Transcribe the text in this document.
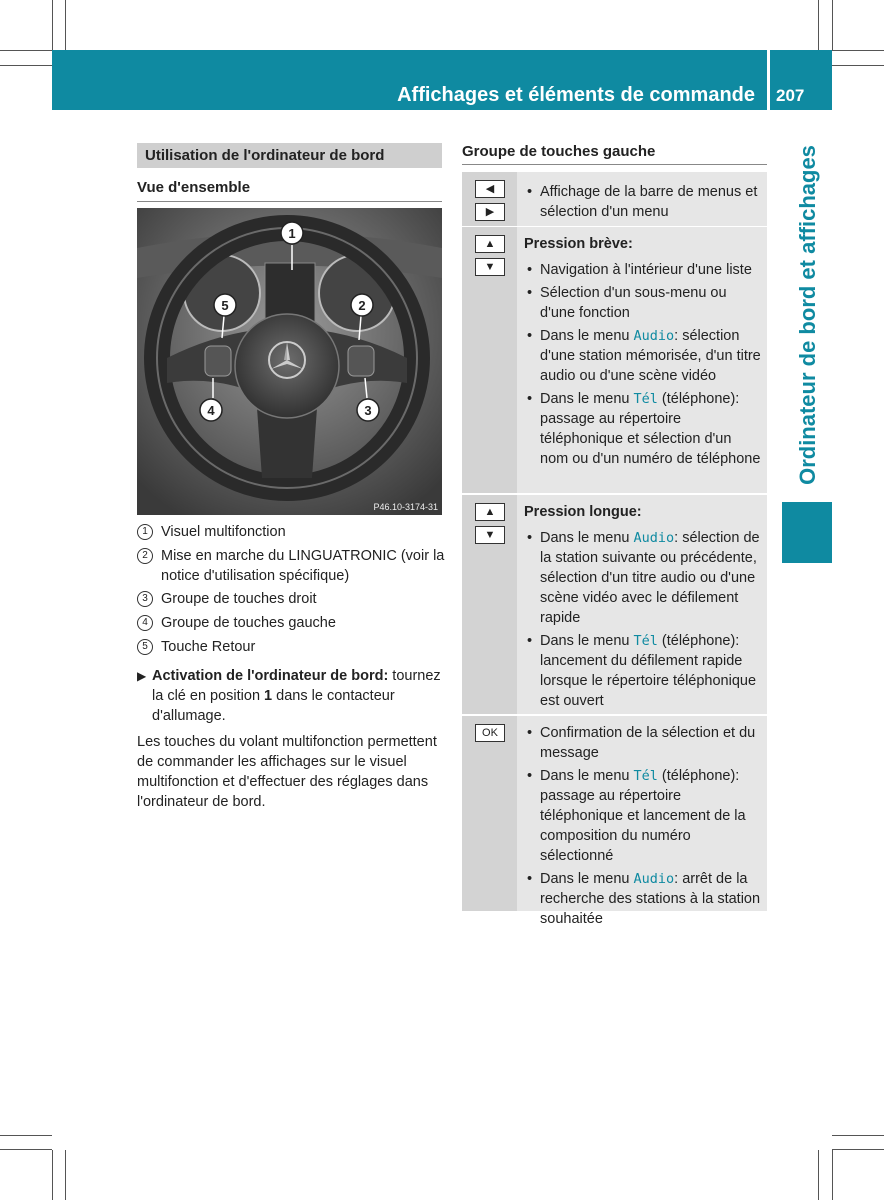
Affichages et éléments de commande 207
Ordinateur de bord et affichages
Utilisation de l'ordinateur de bord
Vue d'ensemble
1
5	2
4	3
P46.10-3174-31
1 Visuel multifonction
2 Mise en marche du LINGUATRONIC (voir la notice d'utilisation spécifique)
3 Groupe de touches droit
4 Groupe de touches gauche
5 Touche Retour
▶ Activation de l'ordinateur de bord: tournez la clé en position 1 dans le contacteur d'allumage.
Les touches du volant multifonction permettent de commander les affichages sur le visuel multifonction et d'effectuer des réglages dans l'ordinateur de bord.
Groupe de touches gauche
◀
▶
• Affichage de la barre de menus et sélection d'un menu
▲
▼
Pression brève:
• Navigation à l'intérieur d'une liste
• Sélection d'un sous-menu ou d'une fonction
• Dans le menu Audio: sélection d'une station mémorisée, d'un titre audio ou d'une scène vidéo
• Dans le menu Tél (téléphone): passage au répertoire téléphonique et sélection d'un nom ou d'un numéro de téléphone
▲
▼
Pression longue:
• Dans le menu Audio: sélection de la station suivante ou précédente, sélection d'un titre audio ou d'une scène vidéo avec le défilement rapide
• Dans le menu Tél (téléphone): lancement du défilement rapide lorsque le répertoire téléphonique est ouvert
OK
•	Confirmation de la sélection et du message
• Dans le menu Tél (téléphone): passage au répertoire téléphonique et lancement de la composition du numéro sélectionné
• Dans le menu Audio: arrêt de la recherche des stations à la station souhaitée
